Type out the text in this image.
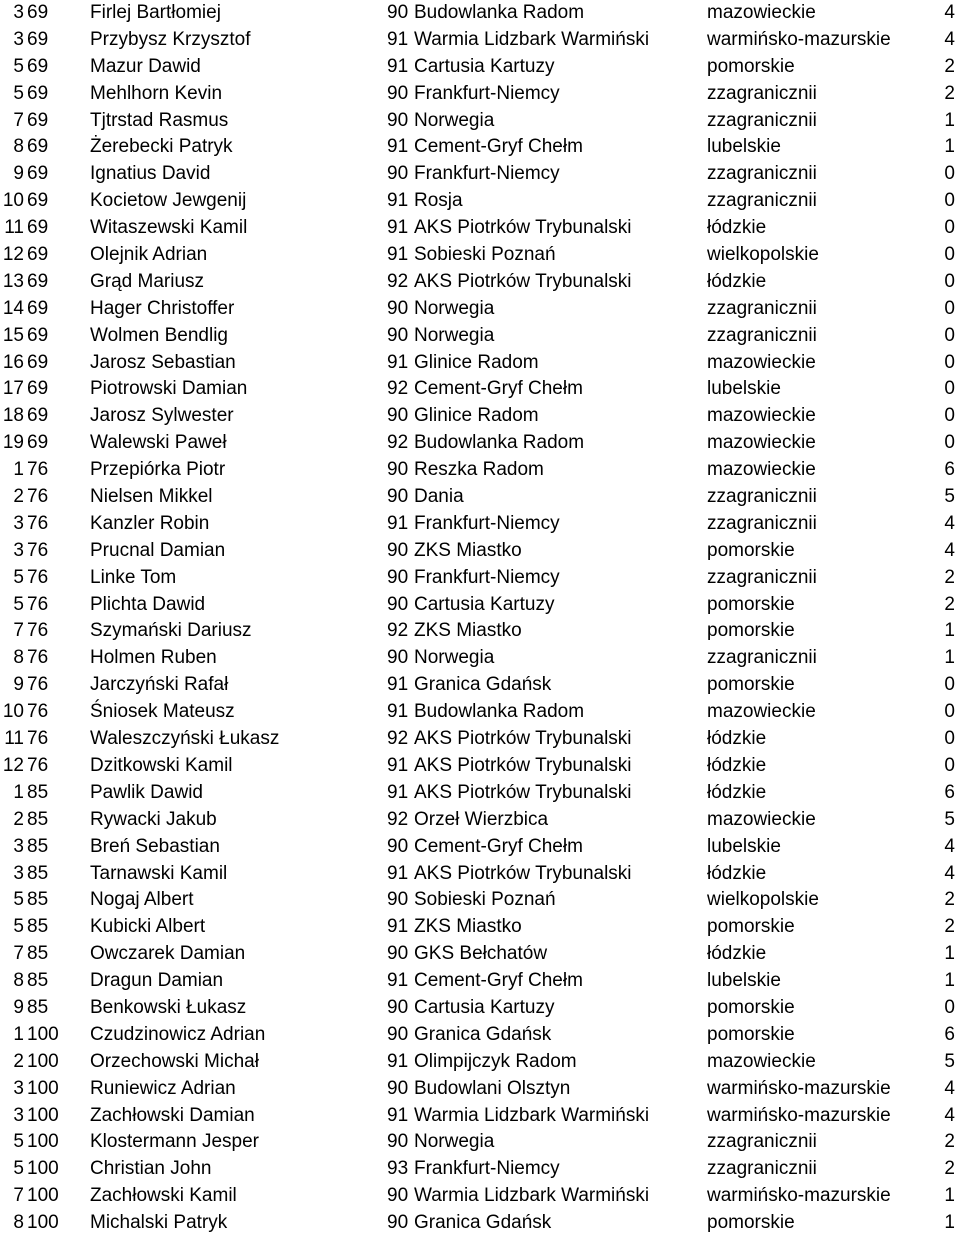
3 69	Firlej Bartłomiej	90 Budowlanka Radom	mazowieckie	4
3 69	Przybysz Krzysztof	91 Warmia Lidzbark Warmiński	warmińsko-mazurskie	4
5 69	Mazur Dawid	91 Cartusia Kartuzy	pomorskie	2
5 69	Mehlhorn Kevin	90 Frankfurt-Niemcy	zzagranicznii	2
7 69	Tjtrstad Rasmus	90 Norwegia	zzagranicznii	1
8 69	Żerebecki Patryk	91 Cement-Gryf Chełm	lubelskie	1
9 69	Ignatius David	90 Frankfurt-Niemcy	zzagranicznii	0
10 69	Kocietow Jewgenij	91 Rosja	zzagranicznii	0
11 69	Witaszewski Kamil	91 AKS Piotrków Trybunalski	łódzkie	0
12 69	Olejnik Adrian	91 Sobieski Poznań	wielkopolskie	0
13 69	Grąd Mariusz	92 AKS Piotrków Trybunalski	łódzkie	0
14 69	Hager Christoffer	90 Norwegia	zzagranicznii	0
15 69	Wolmen Bendlig	90 Norwegia	zzagranicznii	0
16 69	Jarosz Sebastian	91 Glinice Radom	mazowieckie	0
17 69	Piotrowski Damian	92 Cement-Gryf Chełm	lubelskie	0
18 69	Jarosz Sylwester	90 Glinice Radom	mazowieckie	0
19 69	Walewski Paweł	92 Budowlanka Radom	mazowieckie	0
1 76	Przepiórka Piotr	90 Reszka Radom	mazowieckie	6
2 76	Nielsen Mikkel	90 Dania	zzagranicznii	5
3 76	Kanzler Robin	91 Frankfurt-Niemcy	zzagranicznii	4
3 76	Prucnal Damian	90 ZKS Miastko	pomorskie	4
5 76	Linke Tom	90 Frankfurt-Niemcy	zzagranicznii	2
5 76	Plichta Dawid	90 Cartusia Kartuzy	pomorskie	2
7 76	Szymański Dariusz	92 ZKS Miastko	pomorskie	1
8 76	Holmen Ruben	90 Norwegia	zzagranicznii	1
9 76	Jarczyński Rafał	91 Granica Gdańsk	pomorskie	0
10 76	Śniosek Mateusz	91 Budowlanka Radom	mazowieckie	0
11 76	Waleszczyński Łukasz	92 AKS Piotrków Trybunalski	łódzkie	0
12 76	Dzitkowski Kamil	91 AKS Piotrków Trybunalski	łódzkie	0
1 85	Pawlik Dawid	91 AKS Piotrków Trybunalski	łódzkie	6
2 85	Rywacki Jakub	92 Orzeł Wierzbica	mazowieckie	5
3 85	Breń Sebastian	90 Cement-Gryf Chełm	lubelskie	4
3 85	Tarnawski Kamil	91 AKS Piotrków Trybunalski	łódzkie	4
5 85	Nogaj Albert	90 Sobieski Poznań	wielkopolskie	2
5 85	Kubicki Albert	91 ZKS Miastko	pomorskie	2
7 85	Owczarek Damian	90 GKS Bełchatów	łódzkie	1
8 85	Dragun Damian	91 Cement-Gryf Chełm	lubelskie	1
9 85	Benkowski Łukasz	90 Cartusia Kartuzy	pomorskie	0
1 100	Czudzinowicz Adrian	90 Granica Gdańsk	pomorskie	6
2 100	Orzechowski Michał	91 Olimpijczyk Radom	mazowieckie	5
3 100	Runiewicz Adrian	90 Budowlani Olsztyn	warmińsko-mazurskie	4
3 100	Zachłowski Damian	91 Warmia Lidzbark Warmiński	warmińsko-mazurskie	4
5 100	Klostermann Jesper	90 Norwegia	zzagranicznii	2
5 100	Christian John	93 Frankfurt-Niemcy	zzagranicznii	2
7 100	Zachłowski Kamil	90 Warmia Lidzbark Warmiński	warmińsko-mazurskie	1
8 100	Michalski Patryk	90 Granica Gdańsk	pomorskie	1
